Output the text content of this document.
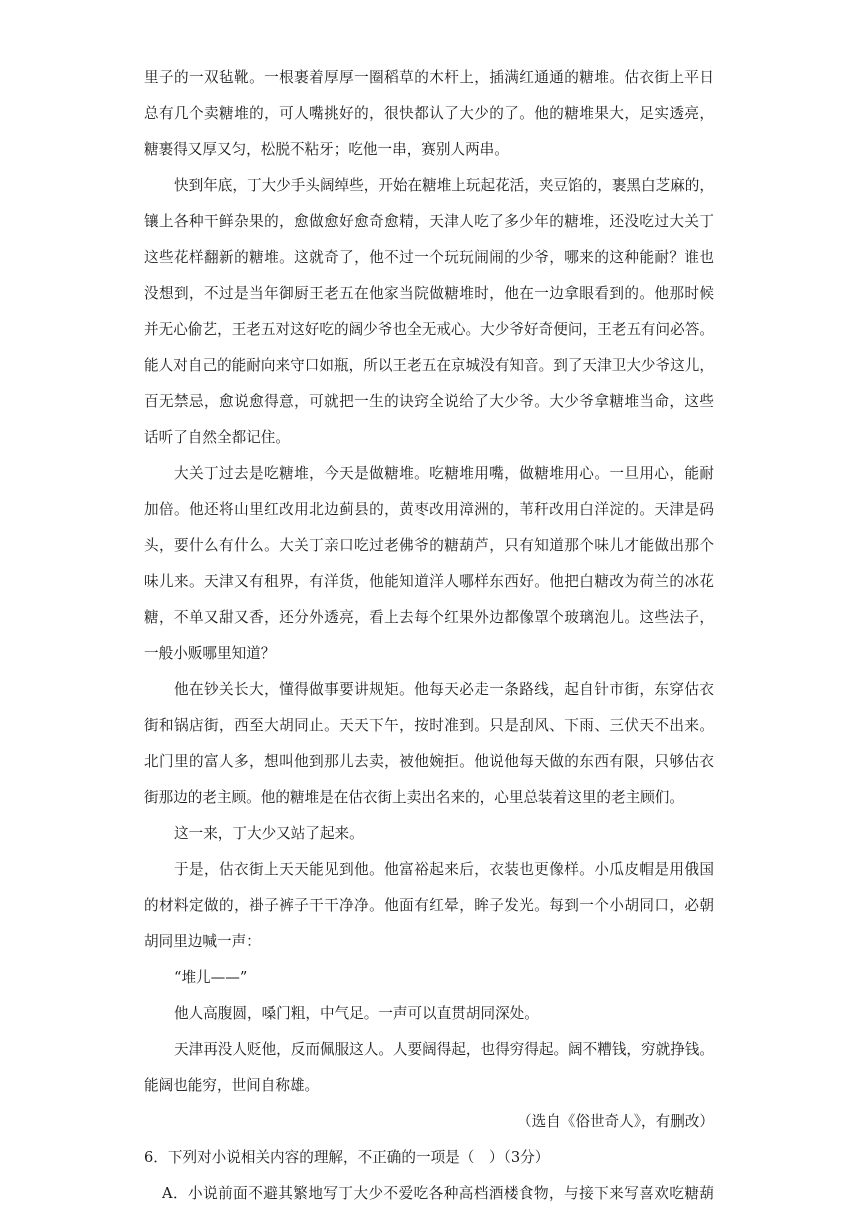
里子的一双毡靴。一根裹着厚厚一圈稻草的木杆上，插满红通通的糖堆。估衣街上平日
总有几个卖糖堆的，可人嘴挑好的，很快都认了大少的了。他的糖堆果大，足实透亮，
糖裹得又厚又匀，松脱不粘牙；吃他一串，赛别人两串。
快到年底，丁大少手头阔绰些，开始在糖堆上玩起花活，夹豆馅的，裹黑白芝麻的，
镶上各种干鲜杂果的，愈做愈好愈奇愈精，天津人吃了多少年的糖堆，还没吃过大关丁
这些花样翻新的糖堆。这就奇了，他不过一个玩玩闹闹的少爷，哪来的这种能耐？谁也
没想到，不过是当年御厨王老五在他家当院做糖堆时，他在一边拿眼看到的。他那时候
并无心偷艺，王老五对这好吃的阔少爷也全无戒心。大少爷好奇便问，王老五有问必答。
能人对自己的能耐向来守口如瓶，所以王老五在京城没有知音。到了天津卫大少爷这儿，
百无禁忌，愈说愈得意，可就把一生的诀窍全说给了大少爷。大少爷拿糖堆当命，这些
话听了自然全都记住。
大关丁过去是吃糖堆，今天是做糖堆。吃糖堆用嘴，做糖堆用心。一旦用心，能耐
加倍。他还将山里红改用北边蓟县的，黄枣改用漳洲的，苇秆改用白洋淀的。天津是码
头，要什么有什么。大关丁亲口吃过老佛爷的糖葫芦，只有知道那个味儿才能做出那个
味儿来。天津又有租界，有洋货，他能知道洋人哪样东西好。他把白糖改为荷兰的冰花
糖，不单又甜又香，还分外透亮，看上去每个红果外边都像罩个玻璃泡儿。这些法子，
一般小贩哪里知道？
他在钞关长大，懂得做事要讲规矩。他每天必走一条路线，起自针市街，东穿估衣
街和锅店街，西至大胡同止。天天下午，按时准到。只是刮风、下雨、三伏天不出来。
北门里的富人多，想叫他到那儿去卖，被他婉拒。他说他每天做的东西有限，只够估衣
街那边的老主顾。他的糖堆是在估衣街上卖出名来的，心里总装着这里的老主顾们。
这一来，丁大少又站了起来。
于是，估衣街上天天能见到他。他富裕起来后，衣装也更像样。小瓜皮帽是用俄国
的材料定做的，褂子裤子干干净净。他面有红晕，眸子发光。每到一个小胡同口，必朝
胡同里边喊一声：
“堆儿——”
他人高腹圆，嗓门粗，中气足。一声可以直贯胡同深处。
天津再没人贬他，反而佩服这人。人要阔得起，也得穷得起。阔不糟钱，穷就挣钱。
能阔也能穷，世间自称雄。
（选自《俗世奇人》，有删改）
6．下列对小说相关内容的理解，不正确的一项是（　）（3分）
A．小说前面不避其繁地写丁大少不爱吃各种高档酒楼食物，与接下来写喜欢吃糖葫
